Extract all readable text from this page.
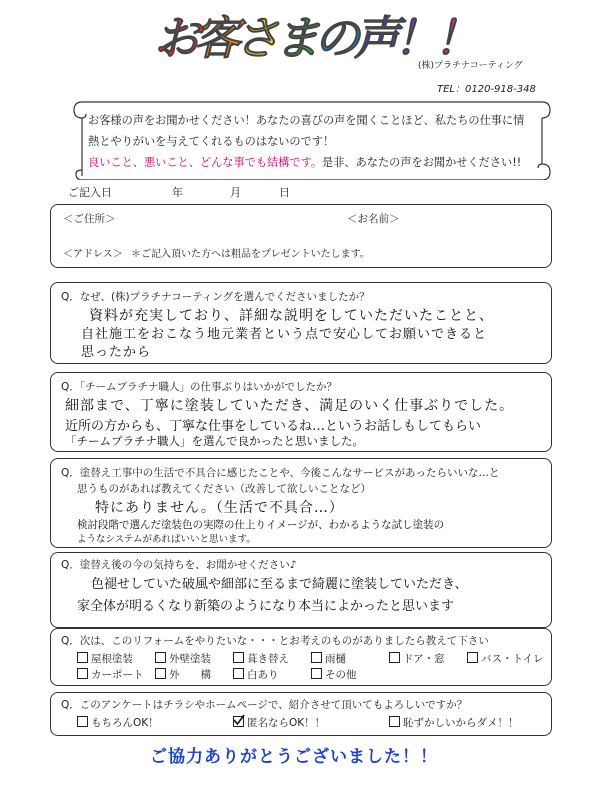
お
客
さ
ま
の
声
！
！
(株)プラチナコーティング
TEL：0120-918-348
お客様の声をお聞かせください！あなたの喜びの声を聞くことほど、私たちの仕事に情
熱とやりがいを与えてくれるものはないのです！
良いこと、悪いこと、どんな事でも結構です。是非、あなたの声をお聞かせください!!
ご記入日	年	月	日
＜ご住所＞	＜お名前＞
＜アドレス＞ ＊ご記入頂いた方へは粗品をプレゼントいたします。
Q．なぜ、(株)プラチナコーティングを選んでくださいましたか？
資料が充実しており、詳細な説明をしていただいたことと、
自社施工をおこなう地元業者という点で安心してお願いできると
思ったから
Q．「チームプラチナ職人」の仕事ぶりはいかがでしたか？
細部まで、丁寧に塗装していただき、満足のいく仕事ぶりでした。
近所の方からも、丁寧な仕事をしているね…というお話しもしてもらい
「チームプラチナ職人」を選んで良かったと思いました。
Q．塗替え工事中の生活で不具合に感じたことや、今後こんなサービスがあったらいいな…と
思うものがあれば教えてください（改善して欲しいことなど）
特にありません。（生活で不具合…）
検討段階で選んだ塗装色の実際の仕上りイメージが、わかるような試し塗装の
ようなシステムがあればいいと思います。
Q．塗替え後の今の気持ちを、お聞かせください♪
色褪せしていた破風や細部に至るまで綺麗に塗装していただき、
家全体が明るくなり新築のようになり本当によかったと思います
Q．次は、このリフォームをやりたいな・・・とお考えのものがありましたら教えて下さい
屋根塗装	外壁塗装	葺き替え	雨樋	ドア・窓	バス・トイレ
カーポート	外　　構	白あり	その他
Q．このアンケートはチラシやホームページで、紹介させて頂いてもよろしいですか？
もちろんOK！	匿名ならOK！！	恥ずかしいからダメ！！
ご協力ありがとうございました！！
